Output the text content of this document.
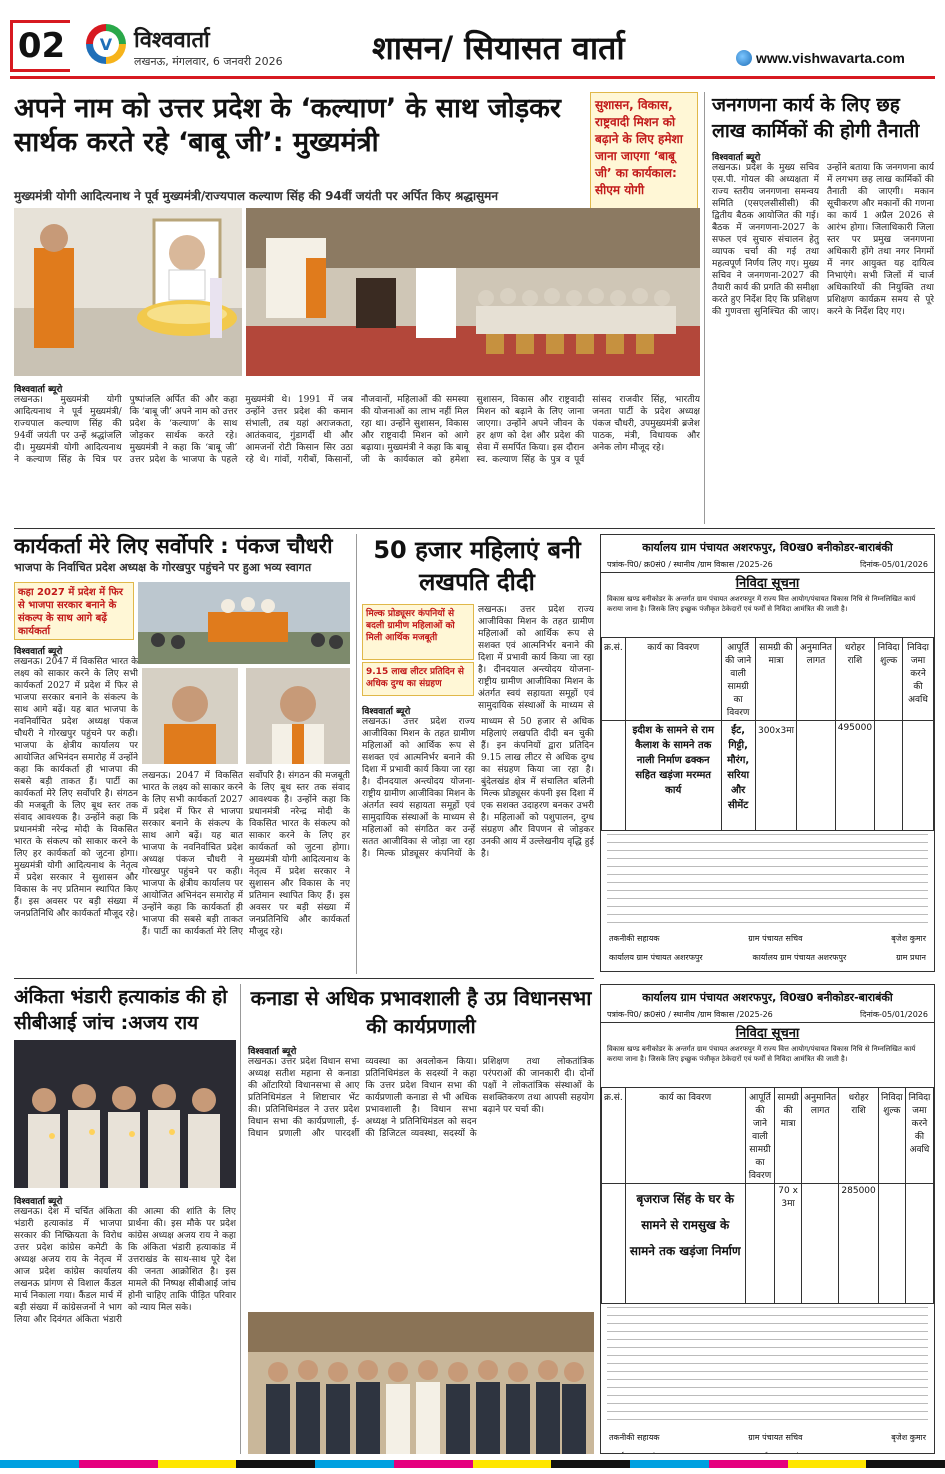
02	V विश्ववार्ता
लखनऊ, मंगलवार, 6 जनवरी 2026	शासन/ सियासत वार्ता	www.vishwavarta.com
अपने नाम को उत्तर प्रदेश के ‘कल्याण’ के साथ जोड़कर सार्थक करते रहे ‘बाबू जी’: मुख्यमंत्री
सुशासन, विकास, राष्ट्रवादी मिशन को बढ़ाने के लिए हमेशा जाना जाएगा ‘बाबू जी’ का कार्यकाल: सीएम योगी
मुख्यमंत्री योगी आदित्यनाथ ने पूर्व मुख्यमंत्री/राज्यपाल कल्याण सिंह की 94वीं जयंती पर अर्पित किए श्रद्धासुमन
विश्ववार्ता ब्यूरो
लखनऊ। मुख्यमंत्री योगी आदित्यनाथ ने पूर्व मुख्यमंत्री/राज्यपाल कल्याण सिंह की 94वीं जयंती पर उन्हें श्रद्धांजलि दी। मुख्यमंत्री योगी आदित्यनाथ ने कल्याण सिंह के चित्र पर पुष्पांजलि अर्पित की और कहा कि ‘बाबू जी’ अपने नाम को उत्तर प्रदेश के ‘कल्याण’ के साथ जोड़कर सार्थक करते रहे। मुख्यमंत्री ने कहा कि ‘बाबू जी’ उत्तर प्रदेश के भाजपा के पहले मुख्यमंत्री थे। 1991 में जब उन्होंने उत्तर प्रदेश की कमान संभाली, तब यहां अराजकता, आतंकवाद, गुंडागर्दी थी और आमजनों रोटी किसान सिर उठा रहे थे। गांवों, गरीबों, किसानों, नौजवानों, महिलाओं की समस्या की योजनाओं का लाभ नहीं मिल रहा था। उन्होंने सुशासन, विकास और राष्ट्रवादी मिशन को आगे बढ़ाया। मुख्यमंत्री ने कहा कि बाबू जी के कार्यकाल को हमेशा सुशासन, विकास और राष्ट्रवादी मिशन को बढ़ाने के लिए जाना जाएगा। उन्होंने अपने जीवन के हर क्षण को देश और प्रदेश की सेवा में समर्पित किया। इस दौरान स्व. कल्याण सिंह के पुत्र व पूर्व सांसद राजवीर सिंह, भारतीय जनता पार्टी के प्रदेश अध्यक्ष पंकज चौधरी, उपमुख्यमंत्री ब्रजेश पाठक, मंत्री, विधायक और अनेक लोग मौजूद रहे।
जनगणना कार्य के लिए छह लाख कार्मिकों की होगी तैनाती
विश्ववार्ता ब्यूरो
लखनऊ। प्रदेश के मुख्य सचिव एस.पी. गोयल की अध्यक्षता में राज्य स्तरीय जनगणना समन्वय समिति (एसएलसीसीसी) की द्वितीय बैठक आयोजित की गई। बैठक में जनगणना-2027 के सफल एवं सुचारु संचालन हेतु व्यापक चर्चा की गई तथा महत्वपूर्ण निर्णय लिए गए। मुख्य सचिव ने जनगणना-2027 की तैयारी कार्य की प्रगति की समीक्षा करते हुए निर्देश दिए कि प्रशिक्षण की गुणवत्ता सुनिश्चित की जाए। उन्होंने बताया कि जनगणना कार्य में लगभग छह लाख कार्मिकों की तैनाती की जाएगी। मकान सूचीकरण और मकानों की गणना का कार्य 1 अप्रैल 2026 से आरंभ होगा। जिलाधिकारी जिला स्तर पर प्रमुख जनगणना अधिकारी होंगे तथा नगर निगमों में नगर आयुक्त यह दायित्व निभाएंगे। सभी जिलों में चार्ज अधिकारियों की नियुक्ति तथा प्रशिक्षण कार्यक्रम समय से पूरे करने के निर्देश दिए गए।
कार्यकर्ता मेरे लिए सर्वोपरि : पंकज चौधरी
भाजपा के निर्वाचित प्रदेश अध्यक्ष के गोरखपुर पहुंचने पर हुआ भव्य स्वागत
कहा 2027 में प्रदेश में फिर से भाजपा सरकार बनाने के संकल्प के साथ आगे बढ़ें कार्यकर्ता
विश्ववार्ता ब्यूरो
लखनऊ। 2047 में विकसित भारत के लक्ष्य को साकार करने के लिए सभी कार्यकर्ता 2027 में प्रदेश में फिर से भाजपा सरकार बनाने के संकल्प के साथ आगे बढ़ें। यह बात भाजपा के नवनिर्वाचित प्रदेश अध्यक्ष पंकज चौधरी ने गोरखपुर पहुंचने पर कही। भाजपा के क्षेत्रीय कार्यालय पर आयोजित अभिनंदन समारोह में उन्होंने कहा कि कार्यकर्ता ही भाजपा की सबसे बड़ी ताकत हैं। पार्टी का कार्यकर्ता मेरे लिए सर्वोपरि है। संगठन की मजबूती के लिए बूथ स्तर तक संवाद आवश्यक है। उन्होंने कहा कि प्रधानमंत्री नरेन्द्र मोदी के विकसित भारत के संकल्प को साकार करने के लिए हर कार्यकर्ता को जुटना होगा। मुख्यमंत्री योगी आदित्यनाथ के नेतृत्व में प्रदेश सरकार ने सुशासन और विकास के नए प्रतिमान स्थापित किए हैं। इस अवसर पर बड़ी संख्या में जनप्रतिनिधि और कार्यकर्ता मौजूद रहे।
लखनऊ। 2047 में विकसित भारत के लक्ष्य को साकार करने के लिए सभी कार्यकर्ता 2027 में प्रदेश में फिर से भाजपा सरकार बनाने के संकल्प के साथ आगे बढ़ें। यह बात भाजपा के नवनिर्वाचित प्रदेश अध्यक्ष पंकज चौधरी ने गोरखपुर पहुंचने पर कही। भाजपा के क्षेत्रीय कार्यालय पर आयोजित अभिनंदन समारोह में उन्होंने कहा कि कार्यकर्ता ही भाजपा की सबसे बड़ी ताकत हैं। पार्टी का कार्यकर्ता मेरे लिए सर्वोपरि है। संगठन की मजबूती के लिए बूथ स्तर तक संवाद आवश्यक है। उन्होंने कहा कि प्रधानमंत्री नरेन्द्र मोदी के विकसित भारत के संकल्प को साकार करने के लिए हर कार्यकर्ता को जुटना होगा। मुख्यमंत्री योगी आदित्यनाथ के नेतृत्व में प्रदेश सरकार ने सुशासन और विकास के नए प्रतिमान स्थापित किए हैं। इस अवसर पर बड़ी संख्या में जनप्रतिनिधि और कार्यकर्ता मौजूद रहे।
50 हजार महिलाएं बनी लखपति दीदी
मिल्क प्रोड्यूसर कंपनियों से बदली ग्रामीण महिलाओं को मिली आर्थिक मजबूती
9.15 लाख लीटर प्रतिदिन से अधिक दुग्ध का संग्रहण
विश्ववार्ता ब्यूरो
लखनऊ। उत्तर प्रदेश राज्य आजीविका मिशन के तहत ग्रामीण महिलाओं को आर्थिक रूप से सशक्त एवं आत्मनिर्भर बनाने की दिशा में प्रभावी कार्य किया जा रहा है। दीनदयाल अन्त्योदय योजना-राष्ट्रीय ग्रामीण आजीविका मिशन के अंतर्गत स्वयं सहायता समूहों एवं सामुदायिक संस्थाओं के माध्यम से महिलाओं को संगठित कर उन्हें सतत आजीविका से जोड़ा जा रहा है। मिल्क प्रोड्यूसर कंपनियों के माध्यम से 50 हजार से अधिक महिलाएं लखपति दीदी बन चुकी हैं। इन कंपनियों द्वारा प्रतिदिन 9.15 लाख लीटर से अधिक दुग्ध का संग्रहण किया जा रहा है। बुंदेलखंड क्षेत्र में संचालित बलिनी मिल्क प्रोड्यूसर कंपनी इस दिशा में एक सशक्त उदाहरण बनकर उभरी है। महिलाओं को पशुपालन, दुग्ध संग्रहण और विपणन से जोड़कर उनकी आय में उल्लेखनीय वृद्धि हुई है।
लखनऊ। उत्तर प्रदेश राज्य आजीविका मिशन के तहत ग्रामीण महिलाओं को आर्थिक रूप से सशक्त एवं आत्मनिर्भर बनाने की दिशा में प्रभावी कार्य किया जा रहा है। दीनदयाल अन्त्योदय योजना-राष्ट्रीय ग्रामीण आजीविका मिशन के अंतर्गत स्वयं सहायता समूहों एवं सामुदायिक संस्थाओं के माध्यम से
कार्यालय ग्राम पंचायत अशरफपुर, वि0ख0 बनीकोडर-बाराबंकी
पत्रांक-पि0/ क्र0सं0 / स्थानीय /ग्राम विकास /2025-26	दिनांक-05/01/2026
निविदा सूचना
विकास खण्ड बनीकोडर के अन्तर्गत ग्राम पंचायत अशरफपुर में राज्य वित्त आयोग/पंचायत विकास निधि से निम्नलिखित कार्य कराया जाना है। जिसके लिए इच्छुक पंजीकृत ठेकेदारों एवं फर्मों से निविदा आमंत्रित की जाती है।
क्र.सं.	कार्य का विवरण	आपूर्ति की जाने वाली सामग्री का विवरण	सामग्री की मात्रा	अनुमानित लागत	धरोहर राशि	निविदा शुल्क	निविदा जमा करने की अवधि
	इदीश के सामने से राम कैलाश के सामने तक नाली निर्माण ढक्कन सहित खड़ंजा मरम्मत कार्य	ईंट, गिट्टी, मौरंग, सरिया और सीमेंट	300x3मा		495000		
तकनीकी सहायक	ग्राम पंचायत सचिव	बृजेश कुमार
कार्यालय ग्राम पंचायत अशरफपुर	कार्यालय ग्राम पंचायत अशरफपुर	ग्राम प्रधान
अंकिता भंडारी हत्याकांड की हो सीबीआई जांच :अजय राय
विश्ववार्ता ब्यूरो
लखनऊ। देश में चर्चित अंकिता भंडारी हत्याकांड में भाजपा सरकार की निष्क्रियता के विरोध उत्तर प्रदेश कांग्रेस कमेटी के अध्यक्ष अजय राय के नेतृत्व में आज प्रदेश कांग्रेस कार्यालय लखनऊ प्रांगण से विशाल कैंडल मार्च निकाला गया। कैंडल मार्च में बड़ी संख्या में कांग्रेसजनों ने भाग लिया और दिवंगत अंकिता भंडारी की आत्मा की शांति के लिए प्रार्थना की। इस मौके पर प्रदेश कांग्रेस अध्यक्ष अजय राय ने कहा कि अंकिता भंडारी हत्याकांड में उत्तराखंड के साथ-साथ पूरे देश की जनता आक्रोशित है। इस मामले की निष्पक्ष सीबीआई जांच होनी चाहिए ताकि पीड़ित परिवार को न्याय मिल सके।
कनाडा से अधिक प्रभावशाली है उप्र विधानसभा की कार्यप्रणाली
विश्ववार्ता ब्यूरो
लखनऊ। उत्तर प्रदेश विधान सभा अध्यक्ष सतीश महाना से कनाडा की ओंटारियो विधानसभा से आए प्रतिनिधिमंडल ने शिष्टाचार भेंट की। प्रतिनिधिमंडल ने उत्तर प्रदेश विधान सभा की कार्यप्रणाली, ई-विधान प्रणाली और पारदर्शी व्यवस्था का अवलोकन किया। प्रतिनिधिमंडल के सदस्यों ने कहा कि उत्तर प्रदेश विधान सभा की कार्यप्रणाली कनाडा से भी अधिक प्रभावशाली है। विधान सभा अध्यक्ष ने प्रतिनिधिमंडल को सदन की डिजिटल व्यवस्था, सदस्यों के प्रशिक्षण तथा लोकतांत्रिक परंपराओं की जानकारी दी। दोनों पक्षों ने लोकतांत्रिक संस्थाओं के सशक्तिकरण तथा आपसी सहयोग बढ़ाने पर चर्चा की।
कार्यालय ग्राम पंचायत अशरफपुर, वि0ख0 बनीकोडर-बाराबंकी
पत्रांक-पि0/ क्र0सं0 / स्थानीय /ग्राम विकास /2025-26	दिनांक-05/01/2026
निविदा सूचना
विकास खण्ड बनीकोडर के अन्तर्गत ग्राम पंचायत अशरफपुर में राज्य वित्त आयोग/पंचायत विकास निधि से निम्नलिखित कार्य कराया जाना है। जिसके लिए इच्छुक पंजीकृत ठेकेदारों एवं फर्मों से निविदा आमंत्रित की जाती है।
क्र.सं.	कार्य का विवरण	आपूर्ति की जाने वाली सामग्री का विवरण	सामग्री की मात्रा	अनुमानित लागत	धरोहर राशि	निविदा शुल्क	निविदा जमा करने की अवधि
	बृजराज सिंह के घर के सामने से रामसुख के सामने तक खड़ंजा निर्माण		70 x 3मा		285000		
तकनीकी सहायक	ग्राम पंचायत सचिव	बृजेश कुमार
